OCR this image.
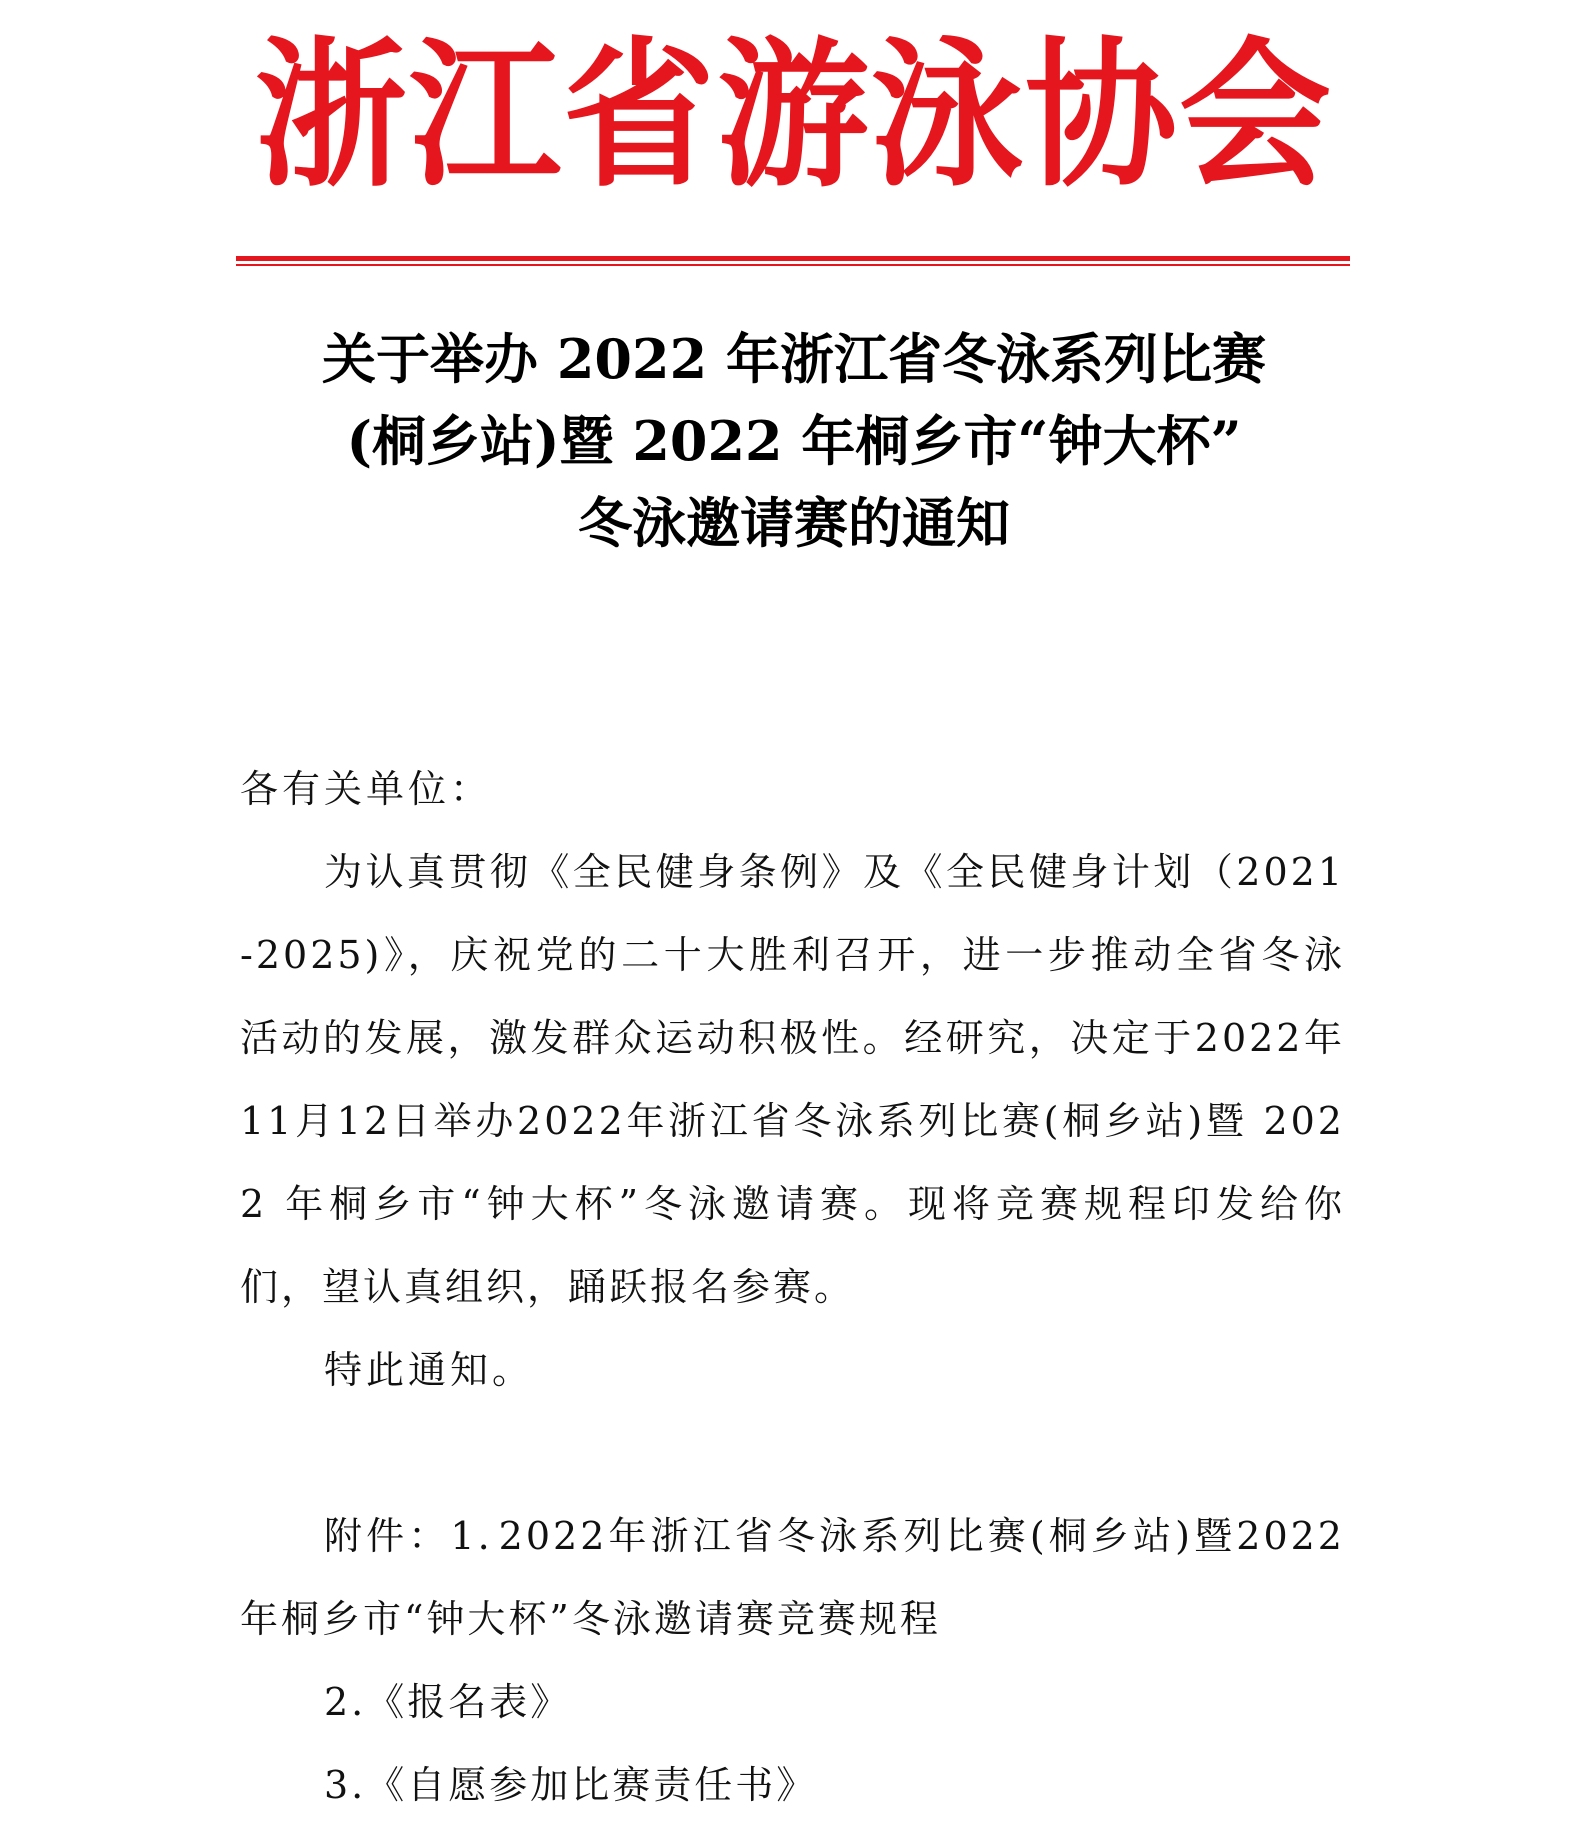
浙江省游泳协会
关于举办 2022 年浙江省冬泳系列比赛
(桐乡站)暨 2022 年桐乡市“钟大杯”
冬泳邀请赛的通知

各有关单位：

为认真贯彻《全民健身条例》及《全民健身计划（2021-2025)》，庆祝党的二十大胜利召开，进一步推动全省冬泳活动的发展，激发群众运动积极性。经研究，决定于2022年11月12日举办2022年浙江省冬泳系列比赛(桐乡站)暨 2022 年桐乡市“钟大杯”冬泳邀请赛。现将竞赛规程印发给你们，望认真组织，踊跃报名参赛。

特此通知。

附件：1. 2022年浙江省冬泳系列比赛(桐乡站)暨2022年桐乡市“钟大杯”冬泳邀请赛竞赛规程

2.《报名表》

3.《自愿参加比赛责任书》
